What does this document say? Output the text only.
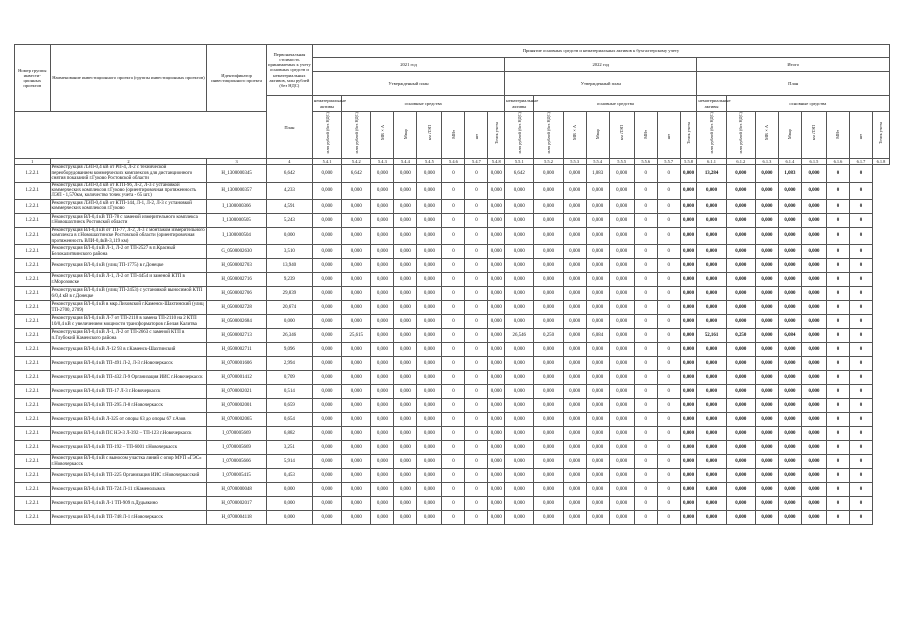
Номер группы инвести-ционных проектов	Наименование инвестиционного проекта (группы инвестиционных проектов)	Идентификатор инвестиционного проекта	Первоначальная стоимость принимаемых к учету основных средств и нематериальных активов, млн рублей (без НДС)	Принятие основных средств и нематериальных активов к бухгалтерскому учету																							
				2021 год								2022 год								Итого							
				Утвержденный план								Утвержденный план								План							
			План	нематериальные активы	основные средства							нематериальные активы	основные средства							нематериальные активы	основные средства						
				млн рублей (без НДС)	млн рублей (без НДС)	МВ×А	Мвар	км ЛЭП	МВт	шт	Точек учета	млн рублей (без НДС)	млн рублей (без НДС)	МВ×А	Мвар	км ЛЭП	МВт	шт	Точек учета	млн рублей (без НДС)	млн рублей (без НДС)	МВ×А	Мвар	км ЛЭП	МВт	шт	Точек учета
1	2	3	4	5.4.1	5.4.2	5.4.3	5.4.4	5.4.5	5.4.6	5.4.7	5.4.8	5.5.1	5.5.2	5.5.3	5.5.4	5.5.5	5.5.6	5.5.7	5.5.8	6.1.1	6.1.2	6.1.3	6.1.4	6.1.5	6.1.6	6.1.7	6.1.8
1.2.2.1	Реконструкция ЛЭП-0,4 кВ от РП-4, Л-2 с технической переоборудованием коммерческих комплексов для дистанционного снятия показаний г.Гуково Ростовской области	H_1300000345	6,642	0,000	6,642	0,000	0,000	0,000	0	0	0,000	6,642	0,000	0,000	1,083	0,000	0	0	0,000	13,284	0,000	0,000	1,083	0,000	0	0	
1.2.2.1	Реконструкция ЛЭП-0,4 кВ от КТП-96, Л-2, Л-3 с установкой коммерческих комплексов г.Гуково (ориентировочная протяженность ЛЭП - 1,570км, количество точек учета - 65 шт.)	H_1300000357	4,233	0,000	0,000	0,000	0,000	0,000	0	0	0,000	0,000	0,000	0,000	0,000	0,000	0	0	0,000	0,000	0,000	0,000	0,000	0,000	0	0	
1.2.2.1	Реконструкция ЛЭП-0,4 кВ от КТП-144, Л-1, Л-2, Л-3 с установкой коммерческих комплексов г.Гуково	I_1300000366	4,591	0,000	0,000	0,000	0,000	0,000	0	0	0,000	0,000	0,000	0,000	0,000	0,000	0	0	0,000	0,000	0,000	0,000	0,000	0,000	0	0	
1.2.2.1	Реконструкция ВЛ-0,4 кВ ТП-78 с заменой измерительного комплекса г.Новошахтинск Ростовской области	I_1300000505	5,243	0,000	0,000	0,000	0,000	0,000	0	0	0,000	0,000	0,000	0,000	0,000	0,000	0	0	0,000	0,000	0,000	0,000	0,000	0,000	0	0	
1.2.2.1	Реконструкция ВЛ-0,4 кВ от ТП-77, Л-2, Л-3 с монтажом измерительного комплекса в г.Новошахтинске Ростовской области (ориентировочная протяженность ВЛИ-0,4кВ-3,119 км)	I_1300000504	0,000	0,000	0,000	0,000	0,000	0,000	0	0	0,000	0,000	0,000	0,000	0,000	0,000	0	0	0,000	0,000	0,000	0,000	0,000	0,000	0	0	
1.2.2.1	Реконструкция ВЛ-0,4 кВ Л-1, Л-2 от ТП-2527 в п.Красный Белокалитвинского района	G_0500002630	3,510	0,000	0,000	0,000	0,000	0,000	0	0	0,000	0,000	0,000	0,000	0,000	0,000	0	0	0,000	0,000	0,000	0,000	0,000	0,000	0	0	
1.2.2.1	Реконструкция ВЛ-0,4 кВ (улиц ТП-1775) в г.Донецке	H_0500002703	13,940	0,000	0,000	0,000	0,000	0,000	0	0	0,000	0,000	0,000	0,000	0,000	0,000	0	0	0,000	0,000	0,000	0,000	0,000	0,000	0	0	
1.2.2.1	Реконструкция ВЛ-0,4 кВ Л-1, Л-2 от ТП-4454 и заменой КТП в г.Морозовске	H_0500002716	9,239	0,000	0,000	0,000	0,000	0,000	0	0	0,000	0,000	0,000	0,000	0,000	0,000	0	0	0,000	0,000	0,000	0,000	0,000	0,000	0	0	
1.2.2.1	Реконструкция ВЛ-0,4 кВ (улиц ТП-2453) с установкой выносимой КТП 6/0,4 кВ в г.Донецке	H_0500002706	29,839	0,000	0,000	0,000	0,000	0,000	0	0	0,000	0,000	0,000	0,000	0,000	0,000	0	0	0,000	0,000	0,000	0,000	0,000	0,000	0	0	
1.2.2.1	Реконструкция ВЛ-0,4 кВ в мкр.Лиховской г.Каменск-Шахтинский (улиц ТП-2700, 2709)	H_0500002728	20,674	0,000	0,000	0,000	0,000	0,000	0	0	0,000	0,000	0,000	0,000	0,000	0,000	0	0	0,000	0,000	0,000	0,000	0,000	0,000	0	0	
1.2.2.1	Реконструкция ВЛ-0,4 кВ Л-7 от ТП-2110 в замена ТП-2110 на 2 КТП 10/0,4 кВ с увеличением мощности трансформаторов г.Белая Калитва	H_0500002684	0,000	0,000	0,000	0,000	0,000	0,000	0	0	0,000	0,000	0,000	0,000	0,000	0,000	0	0	0,000	0,000	0,000	0,000	0,000	0,000	0	0	
1.2.2.1	Реконструкция ВЛ-0,4 кВ Л-1, Л-2 от ТП-2663 с заменой КТП в п.Глубокий Каменского района	H_0500002713	26,346	0,000	25,615	0,000	0,000	0,000	0	0	0,000	26,546	0,250	0,000	6,084	0,000	0	0	0,000	52,161	0,250	0,000	6,084	0,000	0	0	
1.2.2.1	Реконструкция ВЛ-0,4 кВ Л-12 93 в г.Каменск-Шахтинский	H_0500002711	9,096	0,000	0,000	0,000	0,000	0,000	0	0	0,000	0,000	0,000	0,000	0,000	0,000	0	0	0,000	0,000	0,000	0,000	0,000	0,000	0	0	
1.2.2.1	Реконструкция ВЛ-0,4 кВ ТП-491 Л-2, Л-3 г.Новочеркасск	H_0700001606	2,994	0,000	0,000	0,000	0,000	0,000	0	0	0,000	0,000	0,000	0,000	0,000	0,000	0	0	0,000	0,000	0,000	0,000	0,000	0,000	0	0	
1.2.2.1	Реконструкция ВЛ-0,4 кВ ТП-432 Л-9 Организация ИИС г.Новочеркасск	H_0700001412	0,709	0,000	0,000	0,000	0,000	0,000	0	0	0,000	0,000	0,000	0,000	0,000	0,000	0	0	0,000	0,000	0,000	0,000	0,000	0,000	0	0	
1.2.2.1	Реконструкция ВЛ-0,4 кВ ТП-17 Л-3 г.Новочеркасск	H_0700002021	0,514	0,000	0,000	0,000	0,000	0,000	0	0	0,000	0,000	0,000	0,000	0,000	0,000	0	0	0,000	0,000	0,000	0,000	0,000	0,000	0	0	
1.2.2.1	Реконструкция ВЛ-0,4 кВ ТП-295 Л-8 г.Новочеркасск	H_0700002001	0,659	0,000	0,000	0,000	0,000	0,000	0	0	0,000	0,000	0,000	0,000	0,000	0,000	0	0	0,000	0,000	0,000	0,000	0,000	0,000	0	0	
1.2.2.1	Реконструкция ВЛ-0,4 кВ Л-325 от опоры 63 до опоры 67 г.Азов	H_0700002065	0,654	0,000	0,000	0,000	0,000	0,000	0	0	0,000	0,000	0,000	0,000	0,000	0,000	0	0	0,000	0,000	0,000	0,000	0,000	0,000	0	0	
1.2.2.1	Реконструкция ВЛ-0,4 кВ ПС НЭ-3 Л-392 – ТП-123 г.Новочеркасск	I_0700005669	6,882	0,000	0,000	0,000	0,000	0,000	0	0	0,000	0,000	0,000	0,000	0,000	0,000	0	0	0,000	0,000	0,000	0,000	0,000	0,000	0	0	
1.2.2.1	Реконструкция ВЛ-0,4 кВ ТП-192 – ТП-6001 г.Новочеркасск	I_0700005669	3,251	0,000	0,000	0,000	0,000	0,000	0	0	0,000	0,000	0,000	0,000	0,000	0,000	0	0	0,000	0,000	0,000	0,000	0,000	0,000	0	0	
1.2.2.1	Реконструкция ВЛ-0,4 кВ с выносом участка линий с опор МУП «ГЭС» г.Новочеркасск	I_0700005666	5,914	0,000	0,000	0,000	0,000	0,000	0	0	0,000	0,000	0,000	0,000	0,000	0,000	0	0	0,000	0,000	0,000	0,000	0,000	0,000	0	0	
1.2.2.1	Реконструкция ВЛ-0,4 кВ ТП-225 Организация ИИС г.Новочеркасский	I_0700005415	0,453	0,000	0,000	0,000	0,000	0,000	0	0	0,000	0,000	0,000	0,000	0,000	0,000	0	0	0,000	0,000	0,000	0,000	0,000	0,000	0	0	
1.2.2.1	Реконструкция ВЛ-0,4 кВ ТП-724 Л-11 г.Каменолымск	H_0700000048	0,000	0,000	0,000	0,000	0,000	0,000	0	0	0,000	0,000	0,000	0,000	0,000	0,000	0	0	0,000	0,000	0,000	0,000	0,000	0,000	0	0	
1.2.2.1	Реконструкция ВЛ-0,4 кВ Л-1 ТП-909 п.Дудьякино	H_0700002017	0,000	0,000	0,000	0,000	0,000	0,000	0	0	0,000	0,000	0,000	0,000	0,000	0,000	0	0	0,000	0,000	0,000	0,000	0,000	0,000	0	0	
1.2.2.1	Реконструкция ВЛ-0,4 кВ ТП-748 Л-1 г.Новочеркасск	H_0700004118	0,000	0,000	0,000	0,000	0,000	0,000	0	0	0,000	0,000	0,000	0,000	0,000	0,000	0	0	0,000	0,000	0,000	0,000	0,000	0,000	0	0	
